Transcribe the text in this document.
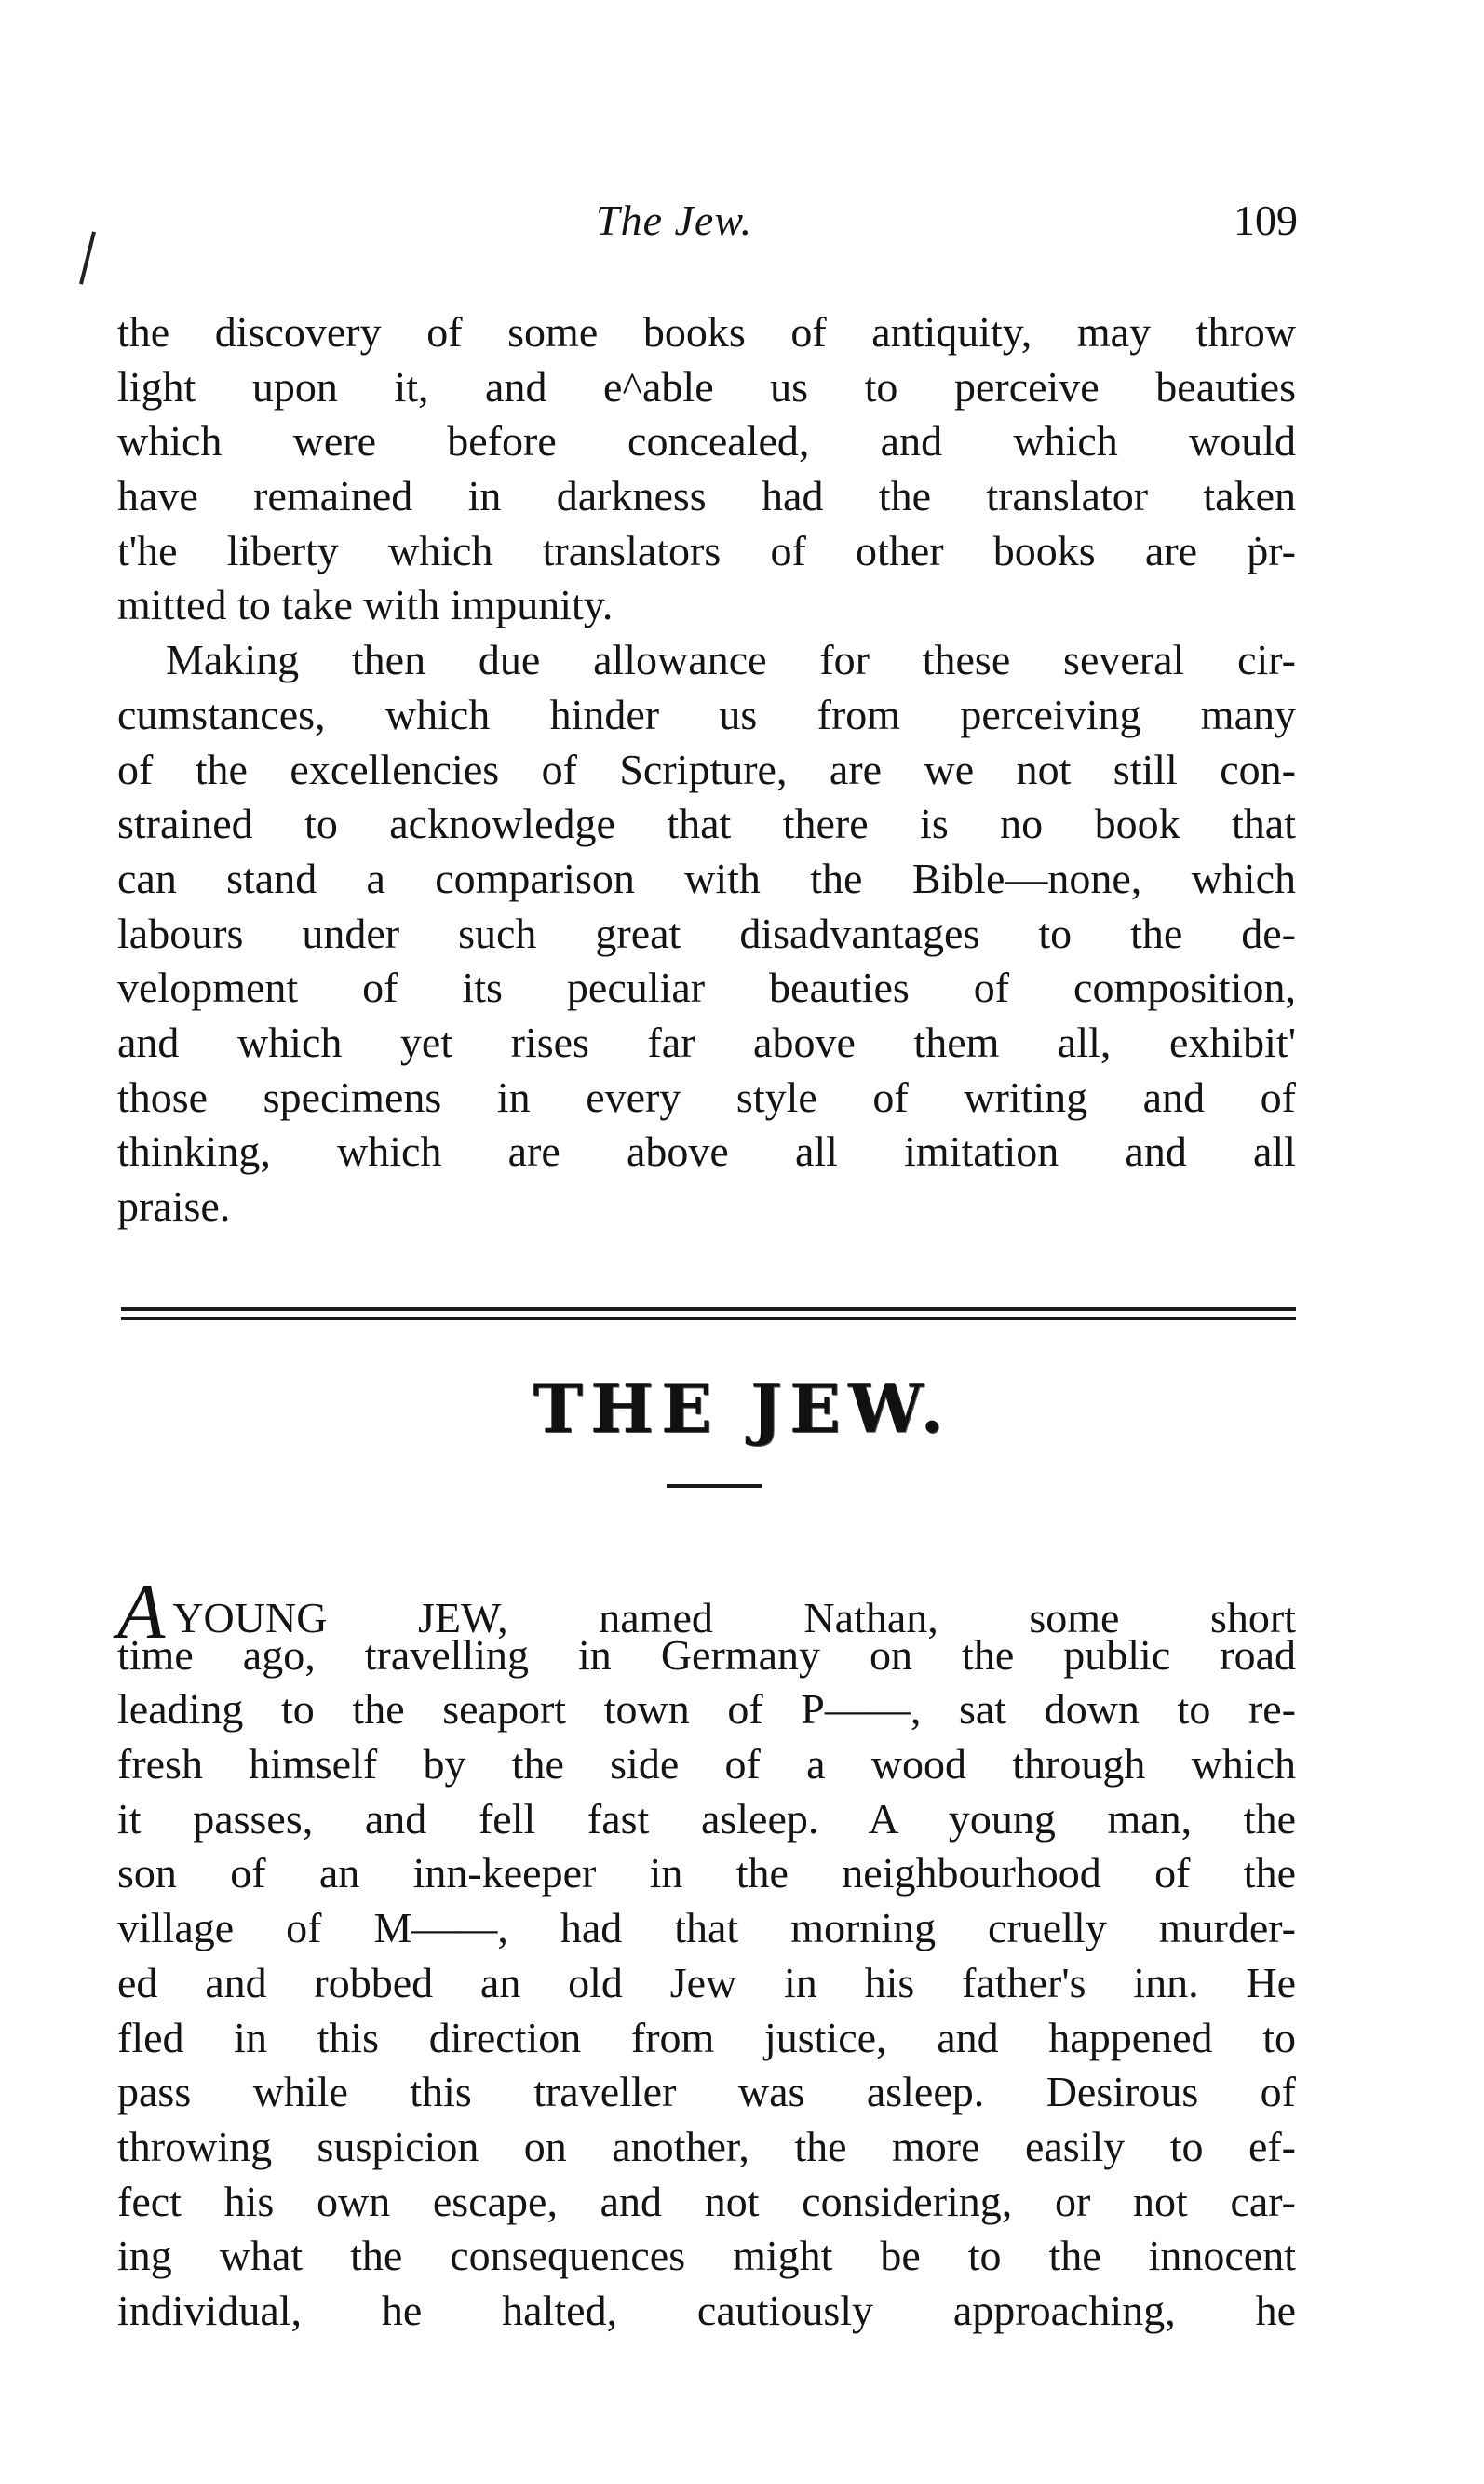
The Jew.	109
the discovery of some books of antiquity, may throw
light upon it, and e^able us to perceive beauties
which were before concealed, and which would
have remained in darkness had the translator taken
t'he liberty which translators of other books are ṗr-
mitted to take with impunity.
Making then due allowance for these several cir-
cumstances, which hinder us from perceiving many
of the excellencies of Scripture, are we not still con-
strained to acknowledge that there is no book that
can stand a comparison with the Bible—none, which
labours under such great disadvantages to the de-
velopment of its peculiar beauties of composition,
and which yet rises far above them all, exhibit'
those specimens in every style of writing and of
thinking, which are above all imitation and all
praise.
THE JEW.
AYOUNG JEW, named Nathan, some short
time ago, travelling in Germany on the public road
leading to the seaport town of P——, sat down to re-
fresh himself by the side of a wood through which
it passes, and fell fast asleep. A young man, the
son of an inn-keeper in the neighbourhood of the
village of M——, had that morning cruelly murder-
ed and robbed an old Jew in his father's inn. He
fled in this direction from justice, and happened to
pass while this traveller was asleep. Desirous of
throwing suspicion on another, the more easily to ef-
fect his own escape, and not considering, or not car-
ing what the consequences might be to the innocent
individual, he halted, cautiously approaching, he
